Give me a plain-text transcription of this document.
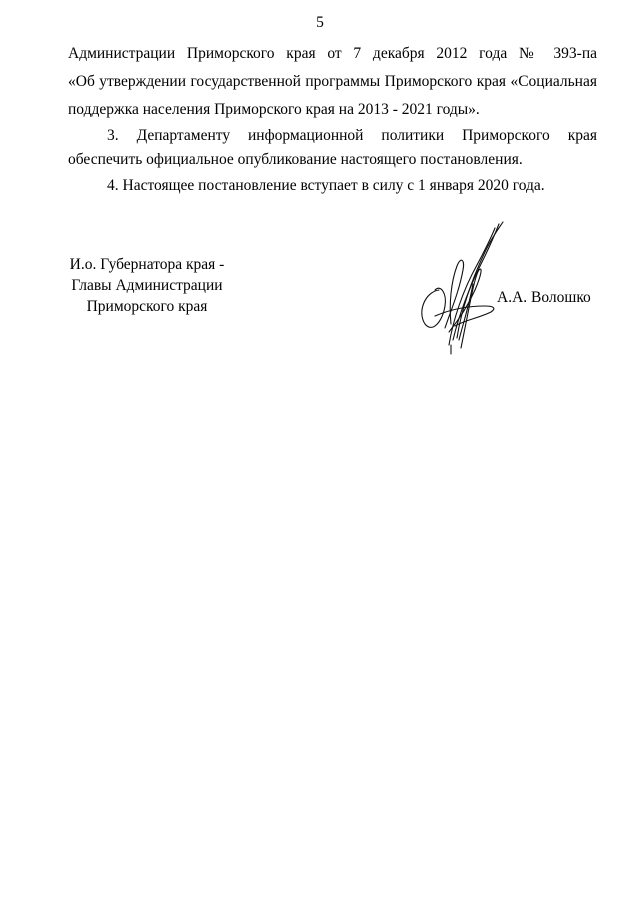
5
Администрации Приморского края от 7 декабря 2012 года № 393-па
«Об утверждении государственной программы Приморского края «Социальная
поддержка населения Приморского края на 2013 - 2021 годы».
3. Департаменту информационной политики Приморского края
обеспечить официальное опубликование настоящего постановления.
4. Настоящее постановление вступает в силу с 1 января 2020 года.
И.о. Губернатора края -
Главы Администрации
Приморского края
А.А. Волошко
